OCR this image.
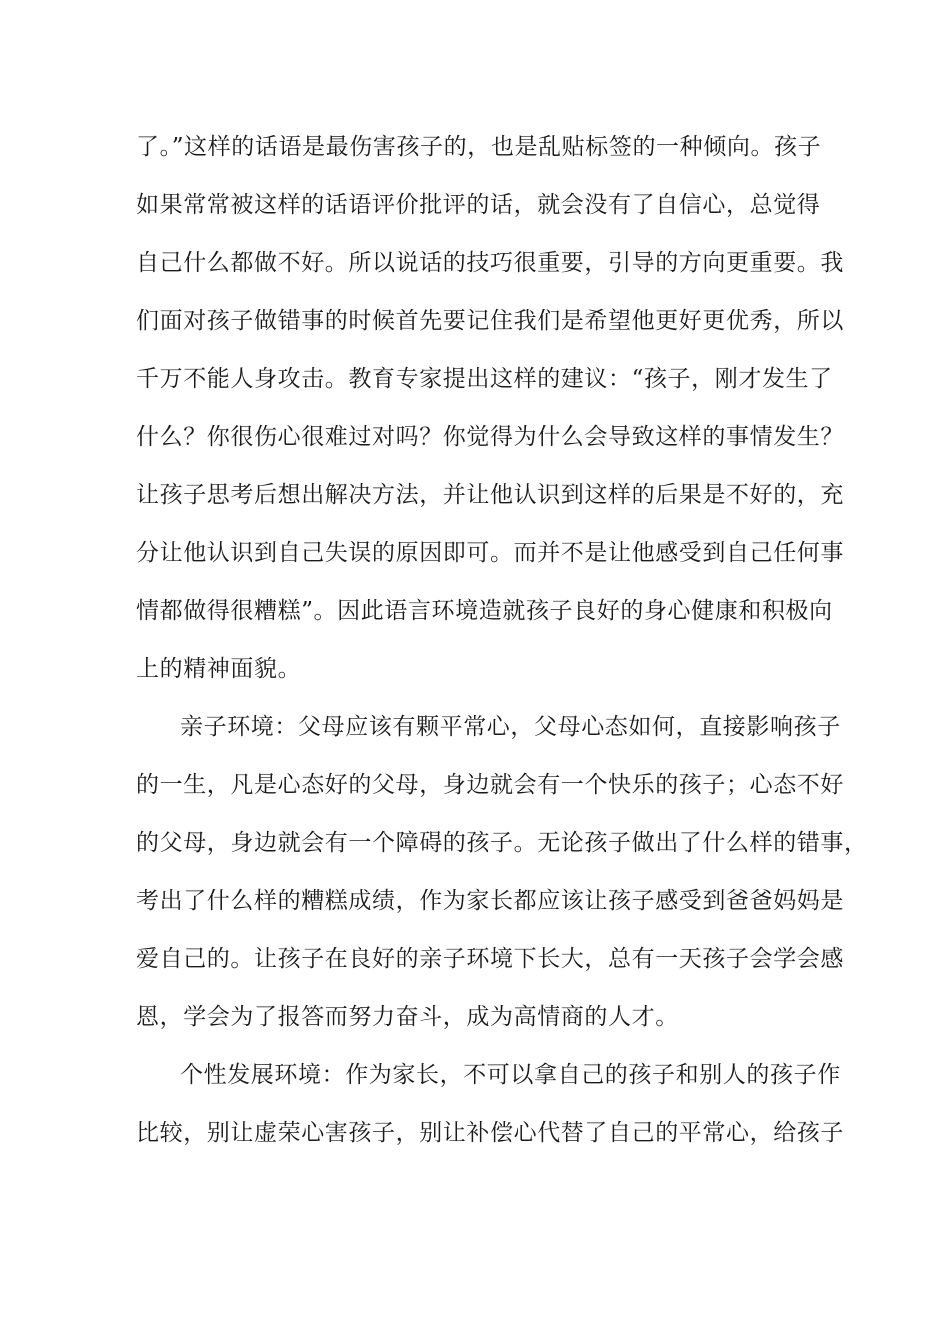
了。”这样的话语是最伤害孩子的，也是乱贴标签的一种倾向。孩子
如果常常被这样的话语评价批评的话，就会没有了自信心，总觉得
自己什么都做不好。所以说话的技巧很重要，引导的方向更重要。我
们面对孩子做错事的时候首先要记住我们是希望他更好更优秀，所以
千万不能人身攻击。教育专家提出这样的建议：“孩子，刚才发生了
什么？你很伤心很难过对吗？你觉得为什么会导致这样的事情发生？
让孩子思考后想出解决方法，并让他认识到这样的后果是不好的，充
分让他认识到自己失误的原因即可。而并不是让他感受到自己任何事
情都做得很糟糕”。因此语言环境造就孩子良好的身心健康和积极向
上的精神面貌。
亲子环境：父母应该有颗平常心，父母心态如何，直接影响孩子
的一生，凡是心态好的父母，身边就会有一个快乐的孩子；心态不好
的父母，身边就会有一个障碍的孩子。无论孩子做出了什么样的错事，
考出了什么样的糟糕成绩，作为家长都应该让孩子感受到爸爸妈妈是
爱自己的。让孩子在良好的亲子环境下长大，总有一天孩子会学会感
恩，学会为了报答而努力奋斗，成为高情商的人才。
个性发展环境：作为家长，不可以拿自己的孩子和别人的孩子作
比较，别让虚荣心害孩子，别让补偿心代替了自己的平常心，给孩子
